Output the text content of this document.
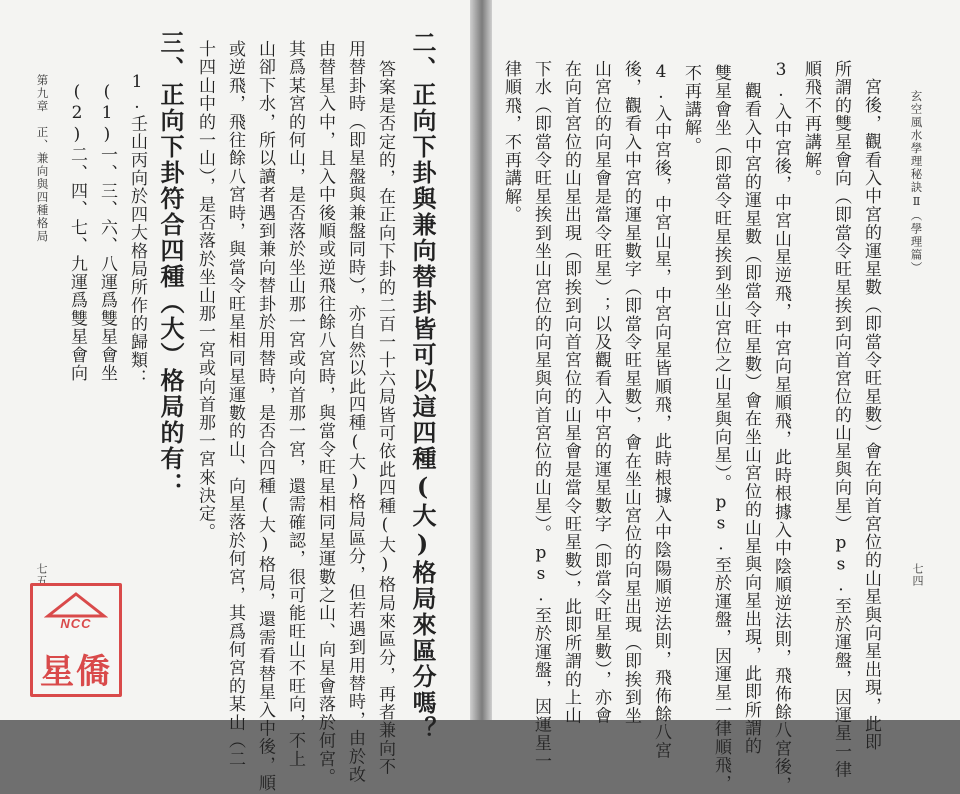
二、正向下卦與兼向替卦皆可以這四種(大)格局來區分嗎？
答案是否定的，在正向下卦的二百一十六局皆可依此四種(大)格局來區分，再者兼向不
用替卦時（即星盤與兼盤同時），亦自然以此四種(大)格局區分，但若遇到用替時，由於改
由替星入中，且入中後順或逆飛往餘八宮時，與當令旺星相同星運數之山、向星會落於何宮。
其爲某宮的何山，是否落於坐山那一宮或向首那一宮，還需確認，很可能旺山不旺向，不上
山卻下水，所以讀者遇到兼向替卦於用替時，是否合四種(大)格局，還需看替星入中後，順
或逆飛，飛往餘八宮時，與當令旺星相同星運數的山、向星落於何宮，其爲何宮的某山（二
十四山中的一山），是否落於坐山那一宮或向首那一宮來決定。
三、正向下卦符合四種（大）格局的有：
1.壬山丙向於四大格局所作的歸類：
(1)一、三、六、八運爲雙星會坐
(2)二、四、七、九運爲雙星會向
第九章　正、兼向與四種格局
七五
玄空風水學理秘訣Ⅱ（學理篇）
七四
宮後，觀看入中宮的運星數（即當令旺星數）會在向首宮位的山星與向星出現，此即
所謂的雙星會向（即當令旺星挨到向首宮位的山星與向星）ps.至於運盤，因運星一律
順飛不再講解。
3.入中宮後，中宮山星逆飛，中宮向星順飛，此時根據入中陰順逆法則，飛佈餘八宮後，
觀看入中宮的運星數（即當令旺星數）會在坐山宮位的山星與向星出現，此即所謂的
雙星會坐（即當令旺星挨到坐山宮位之山星與向星）。ps.至於運盤，因運星一律順飛，
不再講解。
4.入中宮後，中宮山星，中宮向星皆順飛，此時根據入中陰陽順逆法則，飛佈餘八宮
後，觀看入中宮的運星數字（即當令旺星數），會在坐山宮位的向星出現（即挨到坐
山宮位的向星會是當令旺星）；以及觀看入中宮的運星數字（即當令旺星數），亦會
在向首宮位的山星出現（即挨到向首宮位的山星會是當令旺星數），此即所謂的上山
下水（即當令旺星挨到坐山宮位的向星與向首宮位的山星）。ps.至於運盤，因運星一
律順飛，不再講解。
NCC
星僑
